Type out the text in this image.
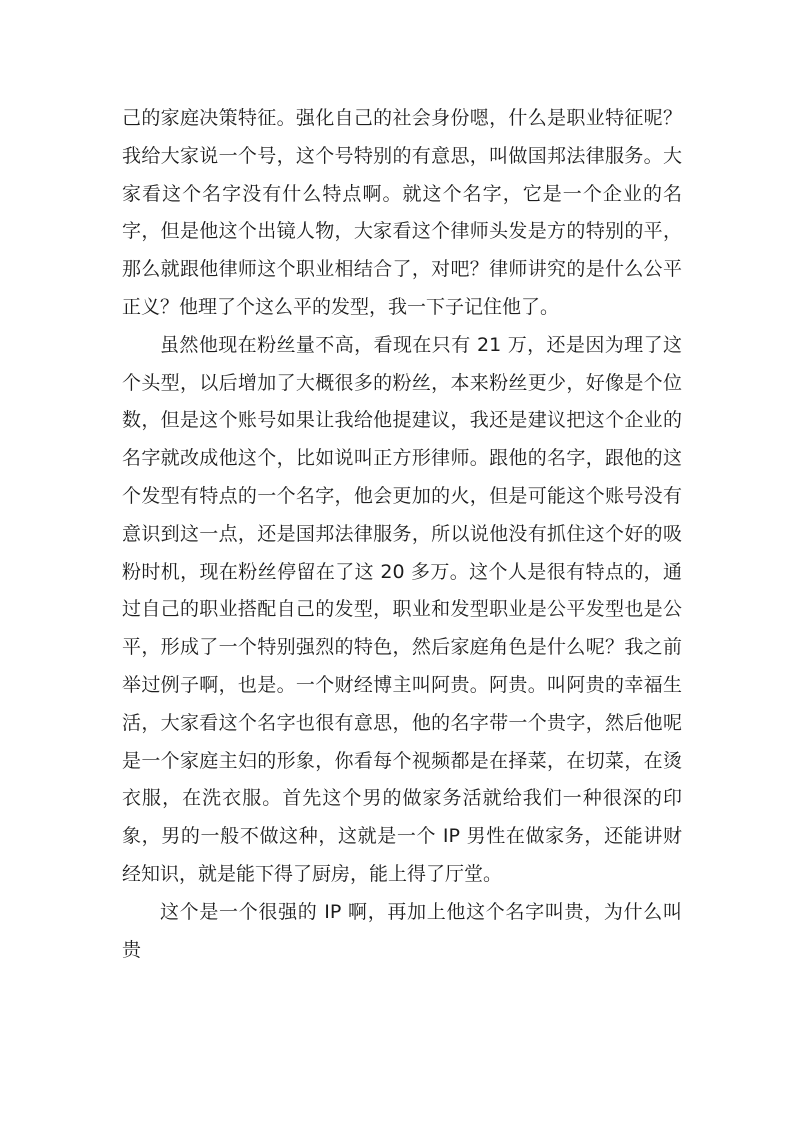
己的家庭决策特征。强化自己的社会身份嗯，什么是职业特征呢？我给大家说一个号，这个号特别的有意思，叫做国邦法律服务。大家看这个名字没有什么特点啊。就这个名字，它是一个企业的名字，但是他这个出镜人物，大家看这个律师头发是方的特别的平，那么就跟他律师这个职业相结合了，对吧？律师讲究的是什么公平正义？他理了个这么平的发型，我一下子记住他了。

虽然他现在粉丝量不高，看现在只有 21 万，还是因为理了这个头型，以后增加了大概很多的粉丝，本来粉丝更少，好像是个位数，但是这个账号如果让我给他提建议，我还是建议把这个企业的名字就改成他这个，比如说叫正方形律师。跟他的名字，跟他的这个发型有特点的一个名字，他会更加的火，但是可能这个账号没有意识到这一点，还是国邦法律服务，所以说他没有抓住这个好的吸粉时机，现在粉丝停留在了这 20 多万。这个人是很有特点的，通过自己的职业搭配自己的发型，职业和发型职业是公平发型也是公平，形成了一个特别强烈的特色，然后家庭角色是什么呢？我之前举过例子啊，也是。一个财经博主叫阿贵。阿贵。叫阿贵的幸福生活，大家看这个名字也很有意思，他的名字带一个贵字，然后他呢是一个家庭主妇的形象，你看每个视频都是在择菜，在切菜，在烫衣服，在洗衣服。首先这个男的做家务活就给我们一种很深的印象，男的一般不做这种，这就是一个 IP 男性在做家务，还能讲财经知识，就是能下得了厨房，能上得了厅堂。

这个是一个很强的 IP 啊，再加上他这个名字叫贵，为什么叫贵
